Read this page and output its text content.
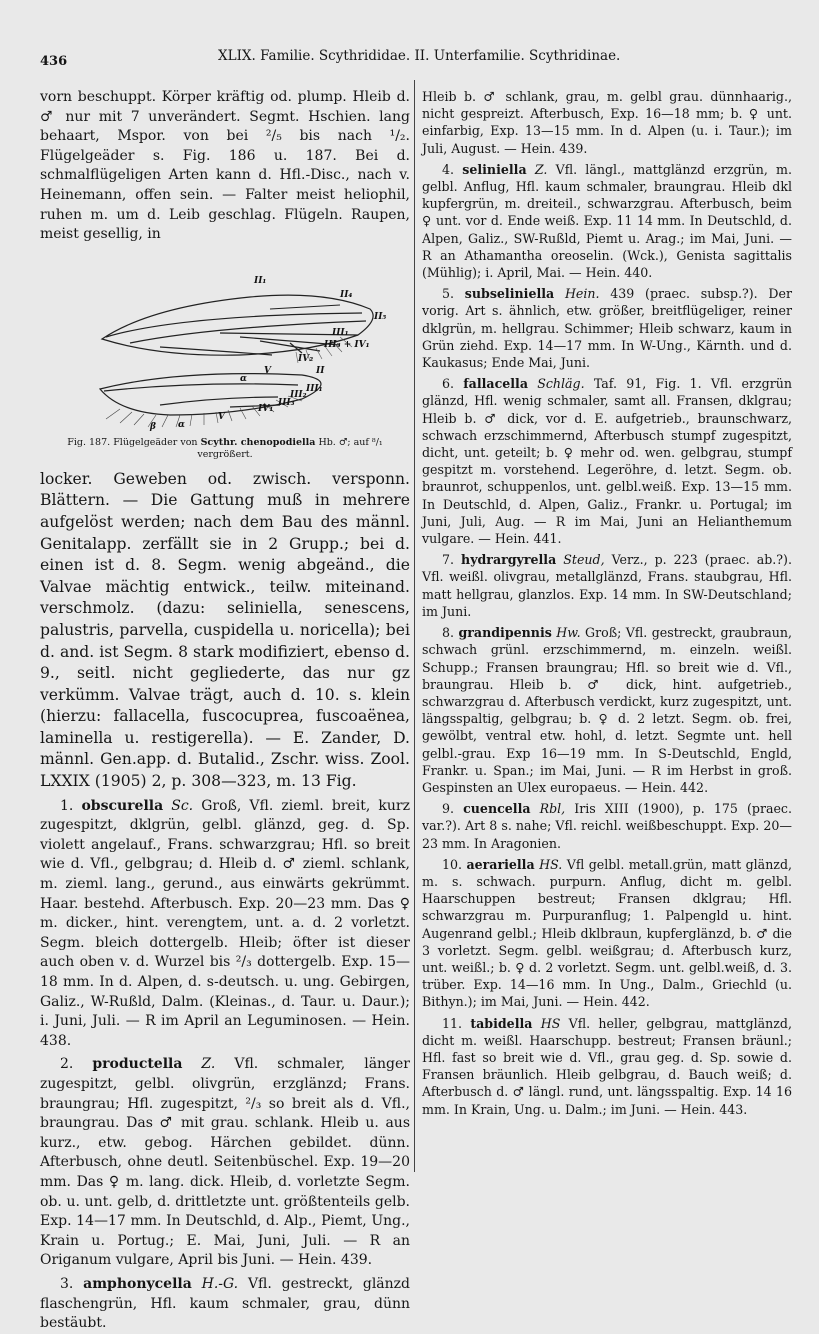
436	XLIX. Familie. Scythrididae. II. Unterfamilie. Scythridinae.

vorn beschuppt. Körper kräftig od. plump. Hleib d. ♂ nur mit 7 unverändert. Segmt. Hschien. lang behaart, Mspor. von bei ²/₅ bis nach ¹/₂. Flügelgeäder s. Fig. 186 u. 187. Bei d. schmalflügeligen Arten kann d. Hfl.-Disc., nach v. Heinemann, offen sein. — Falter meist heliophil, ruhen m. um d. Leib geschlag. Flügeln. Raupen, meist gesellig, in

II₁
II₄
II₅
III₁
III₃ + IV₁
IV₂
V
α
II
III₁
III₂
III₃
IV₁
V
α
β
Fig. 187. Flügelgeäder von Scythr. chenopodiella Hb. ♂; auf ⁸/₁ vergrößert.

locker. Geweben od. zwisch. versponn. Blättern. — Die Gattung muß in mehrere aufgelöst werden; nach dem Bau des männl. Genitalapp. zerfällt sie in 2 Grupp.; bei d. einen ist d. 8. Segm. wenig abgeänd., die Valvae mächtig entwick., teilw. miteinand. verschmolz. (dazu: seliniella, senescens, palustris, parvella, cuspidella u. noricella); bei d. and. ist Segm. 8 stark modifiziert, ebenso d. 9., seitl. nicht gegliederte, das nur gz verkümm. Valvae trägt, auch d. 10. s. klein (hierzu: fallacella, fuscocuprea, fuscoaënea, laminella u. restigerella). — E. Zander, D. männl. Gen.app. d. Butalid., Zschr. wiss. Zool. LXXIX (1905) 2, p. 308—323, m. 13 Fig.

1. obscurella Sc. Groß, Vfl. zieml. breit, kurz zugespitzt, dklgrün, gelbl. glänzd, geg. d. Sp. violett angelauf., Frans. schwarzgrau; Hfl. so breit wie d. Vfl., gelbgrau; d. Hleib d. ♂ zieml. schlank, m. zieml. lang., gerund., aus einwärts gekrümmt. Haar. bestehd. Afterbusch. Exp. 20—23 mm. Das ♀ m. dicker., hint. verengtem, unt. a. d. 2 vorletzt. Segm. bleich dottergelb. Hleib; öfter ist dieser auch oben v. d. Wurzel bis ²/₃ dottergelb. Exp. 15—18 mm. In d. Alpen, d. s-deutsch. u. ung. Gebirgen, Galiz., W-Rußld, Dalm. (Kleinas., d. Taur. u. Daur.); i. Juni, Juli. — R im April an Leguminosen. — Hein. 438.

2. productella Z. Vfl. schmaler, länger zugespitzt, gelbl. olivgrün, erzglänzd; Frans. braungrau; Hfl. zugespitzt, ²/₃ so breit als d. Vfl., braungrau. Das ♂ mit grau. schlank. Hleib u. aus kurz., etw. gebog. Härchen gebildet. dünn. Afterbusch, ohne deutl. Seitenbüschel. Exp. 19—20 mm. Das ♀ m. lang. dick. Hleib, d. vorletzte Segm. ob. u. unt. gelb, d. drittletzte unt. größtenteils gelb. Exp. 14—17 mm. In Deutschld, d. Alp., Piemt, Ung., Krain u. Portug.; E. Mai, Juni, Juli. — R an Origanum vulgare, April bis Juni. — Hein. 439.

3. amphonycella H.-G. Vfl. gestreckt, glänzd flaschengrün, Hfl. kaum schmaler, grau, dünn bestäubt.

Hleib b. ♂ schlank, grau, m. gelbl grau. dünnhaarig., nicht gespreizt. Afterbusch, Exp. 16—18 mm; b. ♀ unt. einfarbig, Exp. 13—15 mm. In d. Alpen (u. i. Taur.); im Juli, August. — Hein. 439.

4. seliniella Z. Vfl. längl., mattglänzd erzgrün, m. gelbl. Anflug, Hfl. kaum schmaler, braungrau. Hleib dkl kupfergrün, m. dreiteil., schwarzgrau. Afterbusch, beim ♀ unt. vor d. Ende weiß. Exp. 11 14 mm. In Deutschld, d. Alpen, Galiz., SW-Rußld, Piemt u. Arag.; im Mai, Juni. — R an Athamantha oreoselin. (Wck.), Genista sagittalis (Mühlig); i. April, Mai. — Hein. 440.

5. subseliniella Hein. 439 (praec. subsp.?). Der vorig. Art s. ähnlich, etw. größer, breitflügeliger, reiner dklgrün, m. hellgrau. Schimmer; Hleib schwarz, kaum in Grün ziehd. Exp. 14—17 mm. In W-Ung., Kärnth. und d. Kaukasus; Ende Mai, Juni.

6. fallacella Schläg. Taf. 91, Fig. 1. Vfl. erzgrün glänzd, Hfl. wenig schmaler, samt all. Fransen, dklgrau; Hleib b. ♂ dick, vor d. E. aufgetrieb., braunschwarz, schwach erzschimmernd, Afterbusch stumpf zugespitzt, dicht, unt. geteilt; b. ♀ mehr od. wen. gelbgrau, stumpf gespitzt m. vorstehend. Legeröhre, d. letzt. Segm. ob. braunrot, schuppenlos, unt. gelbl.weiß. Exp. 13—15 mm. In Deutschld, d. Alpen, Galiz., Frankr. u. Portugal; im Juni, Juli, Aug. — R im Mai, Juni an Helianthemum vulgare. — Hein. 441.

7. hydrargyrella Steud, Verz., p. 223 (praec. ab.?). Vfl. weißl. olivgrau, metallglänzd, Frans. staubgrau, Hfl. matt hellgrau, glanzlos. Exp. 14 mm. In SW-Deutschland; im Juni.

8. grandipennis Hw. Groß; Vfl. gestreckt, graubraun, schwach grünl. erzschimmernd, m. einzeln. weißl. Schupp.; Fransen braungrau; Hfl. so breit wie d. Vfl., braungrau. Hleib b. ♂ dick, hint. aufgetrieb., schwarzgrau d. Afterbusch verdickt, kurz zugespitzt, unt. längsspaltig, gelbgrau; b. ♀ d. 2 letzt. Segm. ob. frei, gewölbt, ventral etw. hohl, d. letzt. Segmte unt. hell gelbl.-grau. Exp 16—19 mm. In S-Deutschld, Engld, Frankr. u. Span.; im Mai, Juni. — R im Herbst in groß. Gespinsten an Ulex europaeus. — Hein. 442.

9. cuencella Rbl, Iris XIII (1900), p. 175 (praec. var.?). Art 8 s. nahe; Vfl. reichl. weißbeschuppt. Exp. 20—23 mm. In Aragonien.

10. aerariella HS. Vfl gelbl. metall.grün, matt glänzd, m. s. schwach. purpurn. Anflug, dicht m. gelbl. Haarschuppen bestreut; Fransen dklgrau; Hfl. schwarzgrau m. Purpuranflug; 1. Palpengld u. hint. Augenrand gelbl.; Hleib dklbraun, kupferglänzd, b. ♂ die 3 vorletzt. Segm. gelbl. weißgrau; d. Afterbusch kurz, unt. weißl.; b. ♀ d. 2 vorletzt. Segm. unt. gelbl.weiß, d. 3. trüber. Exp. 14—16 mm. In Ung., Dalm., Griechld (u. Bithyn.); im Mai, Juni. — Hein. 442.

11. tabidella HS Vfl. heller, gelbgrau, mattglänzd, dicht m. weißl. Haarschupp. bestreut; Fransen bräunl.; Hfl. fast so breit wie d. Vfl., grau geg. d. Sp. sowie d. Fransen bräunlich. Hleib gelbgrau, d. Bauch weiß; d. Afterbusch d. ♂ längl. rund, unt. längsspaltig. Exp. 14 16 mm. In Krain, Ung. u. Dalm.; im Juni. — Hein. 443.
